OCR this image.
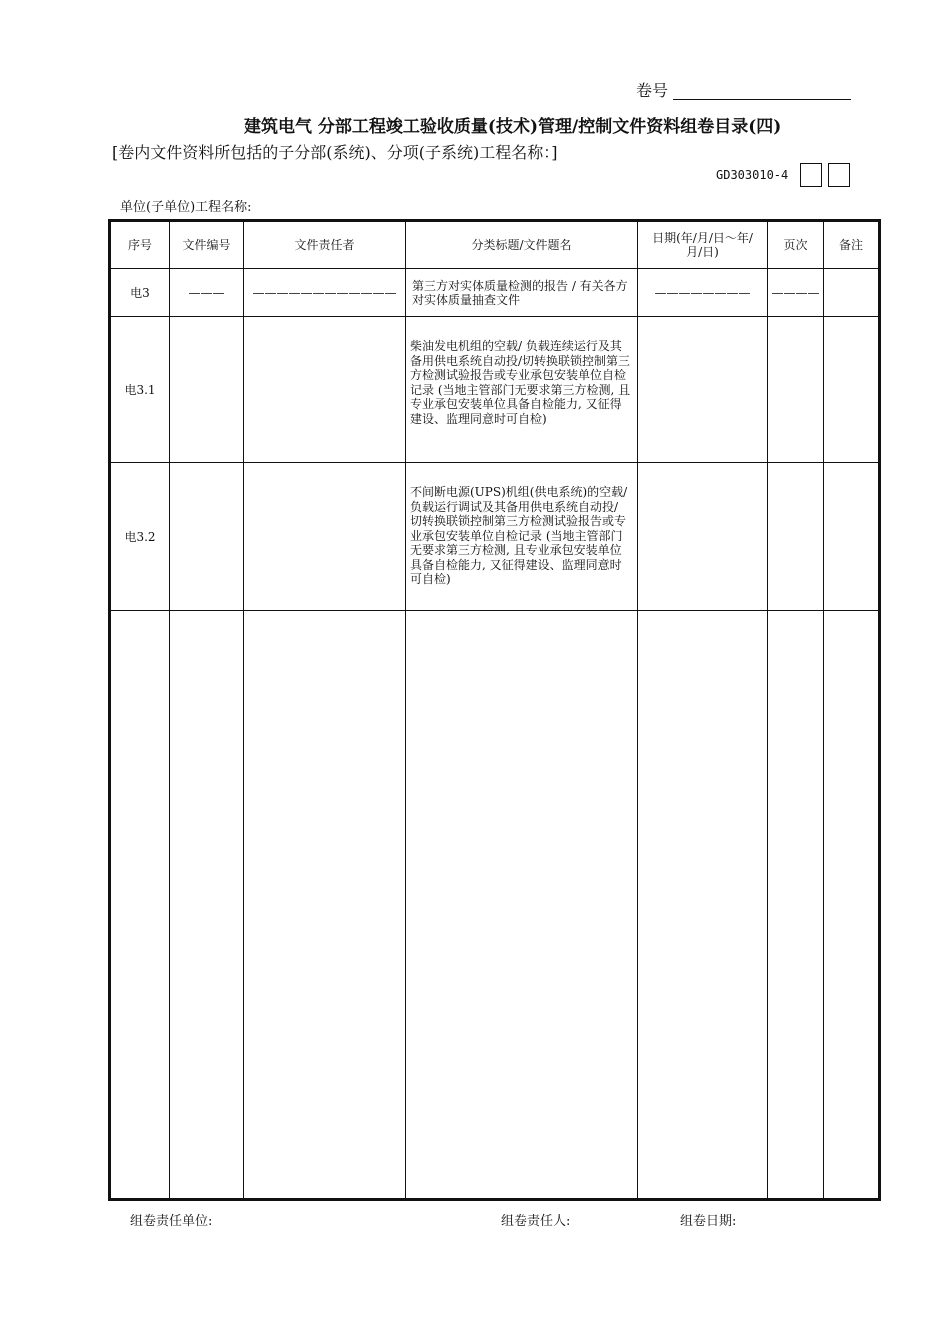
卷号
建筑电气 分部工程竣工验收质量(技术)管理/控制文件资料组卷目录(四)
[卷内文件资料所包括的子分部(系统)、分项(子系统)工程名称：]
GD303010-4
单位(子单位)工程名称:
序号	文件编号	文件责任者	分类标题/文件题名	日期(年/月/日～年/月/日)	页次	备注
电3	———	————————————	第三方对实体质量检测的报告 / 有关各方对实体质量抽查文件	————————	————	
电3.1			柴油发电机组的空载/ 负载连续运行及其备用供电系统自动投/切转换联锁控制第三方检测试验报告或专业承包安装单位自检记录 (当地主管部门无要求第三方检测, 且专业承包安装单位具备自检能力, 又征得建设、监理同意时可自检)			
电3.2			不间断电源(UPS)机组(供电系统)的空载/负载运行调试及其备用供电系统自动投/ 切转换联锁控制第三方检测试验报告或专业承包安装单位自检记录 (当地主管部门无要求第三方检测, 且专业承包安装单位具备自检能力, 又征得建设、监理同意时可自检)			

组卷责任单位:	组卷责任人:	组卷日期:
